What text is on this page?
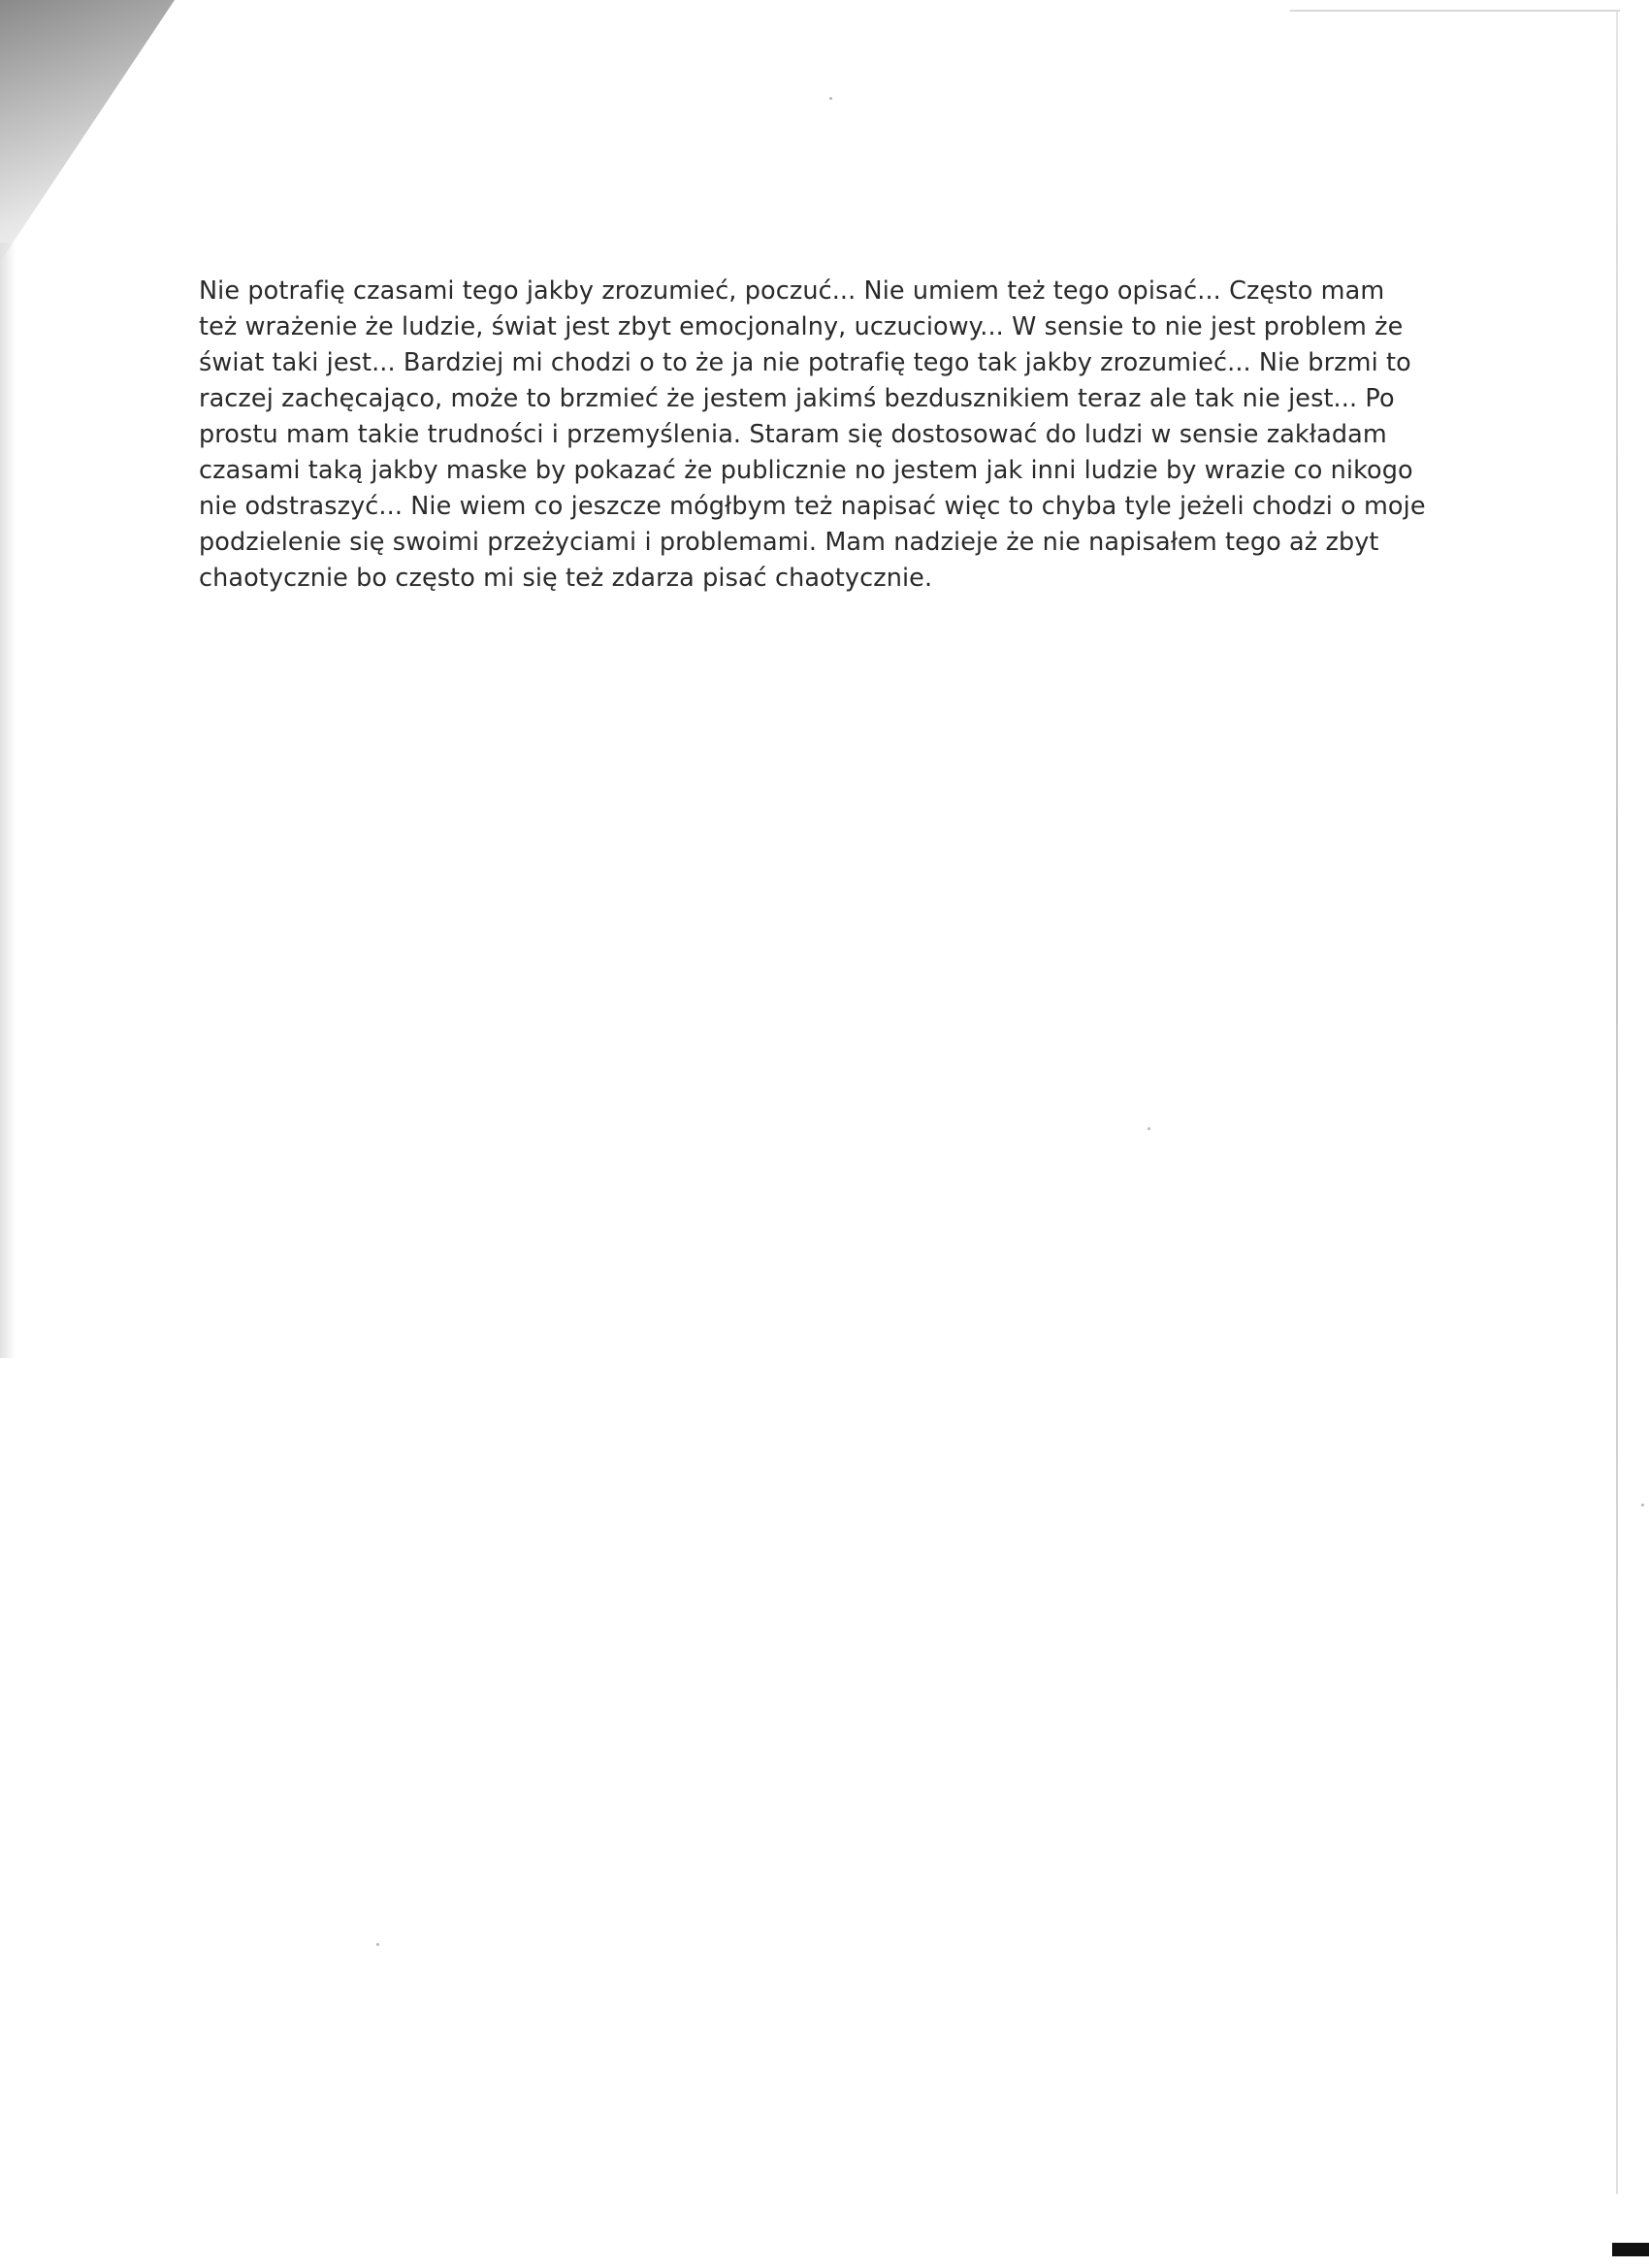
Nie potrafię czasami tego jakby zrozumieć, poczuć... Nie umiem też tego opisać... Często mam też wrażenie że ludzie, świat jest zbyt emocjonalny, uczuciowy... W sensie to nie jest problem że świat taki jest... Bardziej mi chodzi o to że ja nie potrafię tego tak jakby zrozumieć... Nie brzmi to raczej zachęcająco, może to brzmieć że jestem jakimś bezdusznikiem teraz ale tak nie jest... Po prostu mam takie trudności i przemyślenia. Staram się dostosować do ludzi w sensie zakładam czasami taką jakby maske by pokazać że publicznie no jestem jak inni ludzie by wrazie co nikogo nie odstraszyć... Nie wiem co jeszcze mógłbym też napisać więc to chyba tyle jeżeli chodzi o moje podzielenie się swoimi przeżyciami i problemami. Mam nadzieje że nie napisałem tego aż zbyt chaotycznie bo często mi się też zdarza pisać chaotycznie.
